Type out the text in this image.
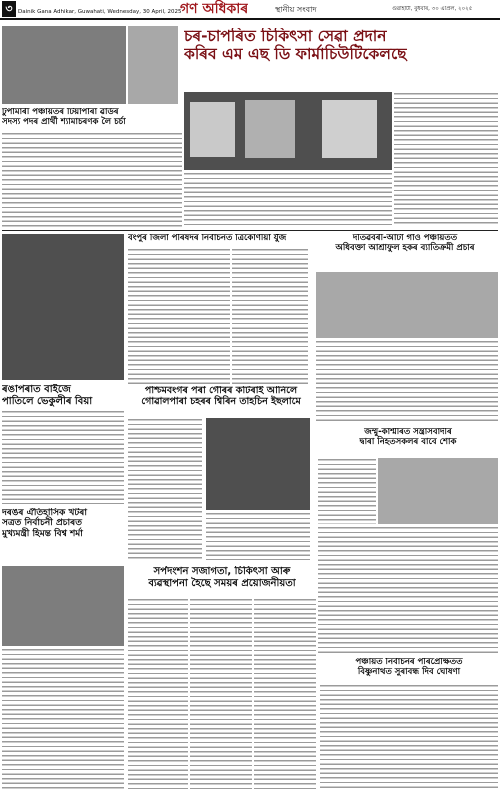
৩ Dainik Gana Adhikar, Guwahati, Wednesday, 30 April, 2025
গণ অধিকাৰ	স্থানীয় সংবাদ	গুৱাহাটী, বুধবাৰ, ৩০ এপ্ৰিল, ২০২৫
চৰ-চাপৰিত চিকিৎসা সেৱা প্ৰদান
কৰিব এম এছ ডি ফাৰ্মাচিউটিকেলছে
টুপামাৰী পঞ্চায়তৰ টিয়াপাৰা ৱাৰ্ডৰ
সদস্য পদৰ প্ৰাৰ্থী শ্যামাচৰণক লৈ চৰ্চা
বংপুৰ জিলা পৰিষদৰ নিৰ্বাচনত ত্ৰিকোণীয়া যুঁজ	দতিৱবৰী-আটা গাঁও পঞ্চায়তত
অধিবক্তা আশ্ৰাফুল হকৰ ব্যাতিক্ৰমী প্ৰচাৰ
ৰঙাপৰাত বাইজে
পাতিলে ভেকুলীৰ বিয়া
পশ্চিমবংগৰ পৰা গৌৰৰ কটিৰাই আনিলে
গোৱালপাৰা চহৰৰ শ্বিৰিন তাহচিন ইছলামে
জম্মু-কাশ্মীৰত সন্ত্ৰাসবাদীৰ
দ্বাৰা নিহতসকলৰ বাবে শোক
দৰঙৰ ঐতিহাসিক খটৰা
সত্ৰত নিৰ্বাচনী প্ৰচাৰত
মুখ্যমন্ত্ৰী হিমন্ত বিশ্ব শৰ্মা
সৰ্পদংশন সজাগতা, চিকিৎসা আৰু
ব্যৱস্থাপনা হৈছে সময়ৰ প্ৰয়োজনীয়তা
পঞ্চায়ত নিৰ্বাচনৰ পৰিপ্ৰেক্ষিতত
বিষ্ণুনাথত সুৰাবন্ধ দিব ঘোষণা
